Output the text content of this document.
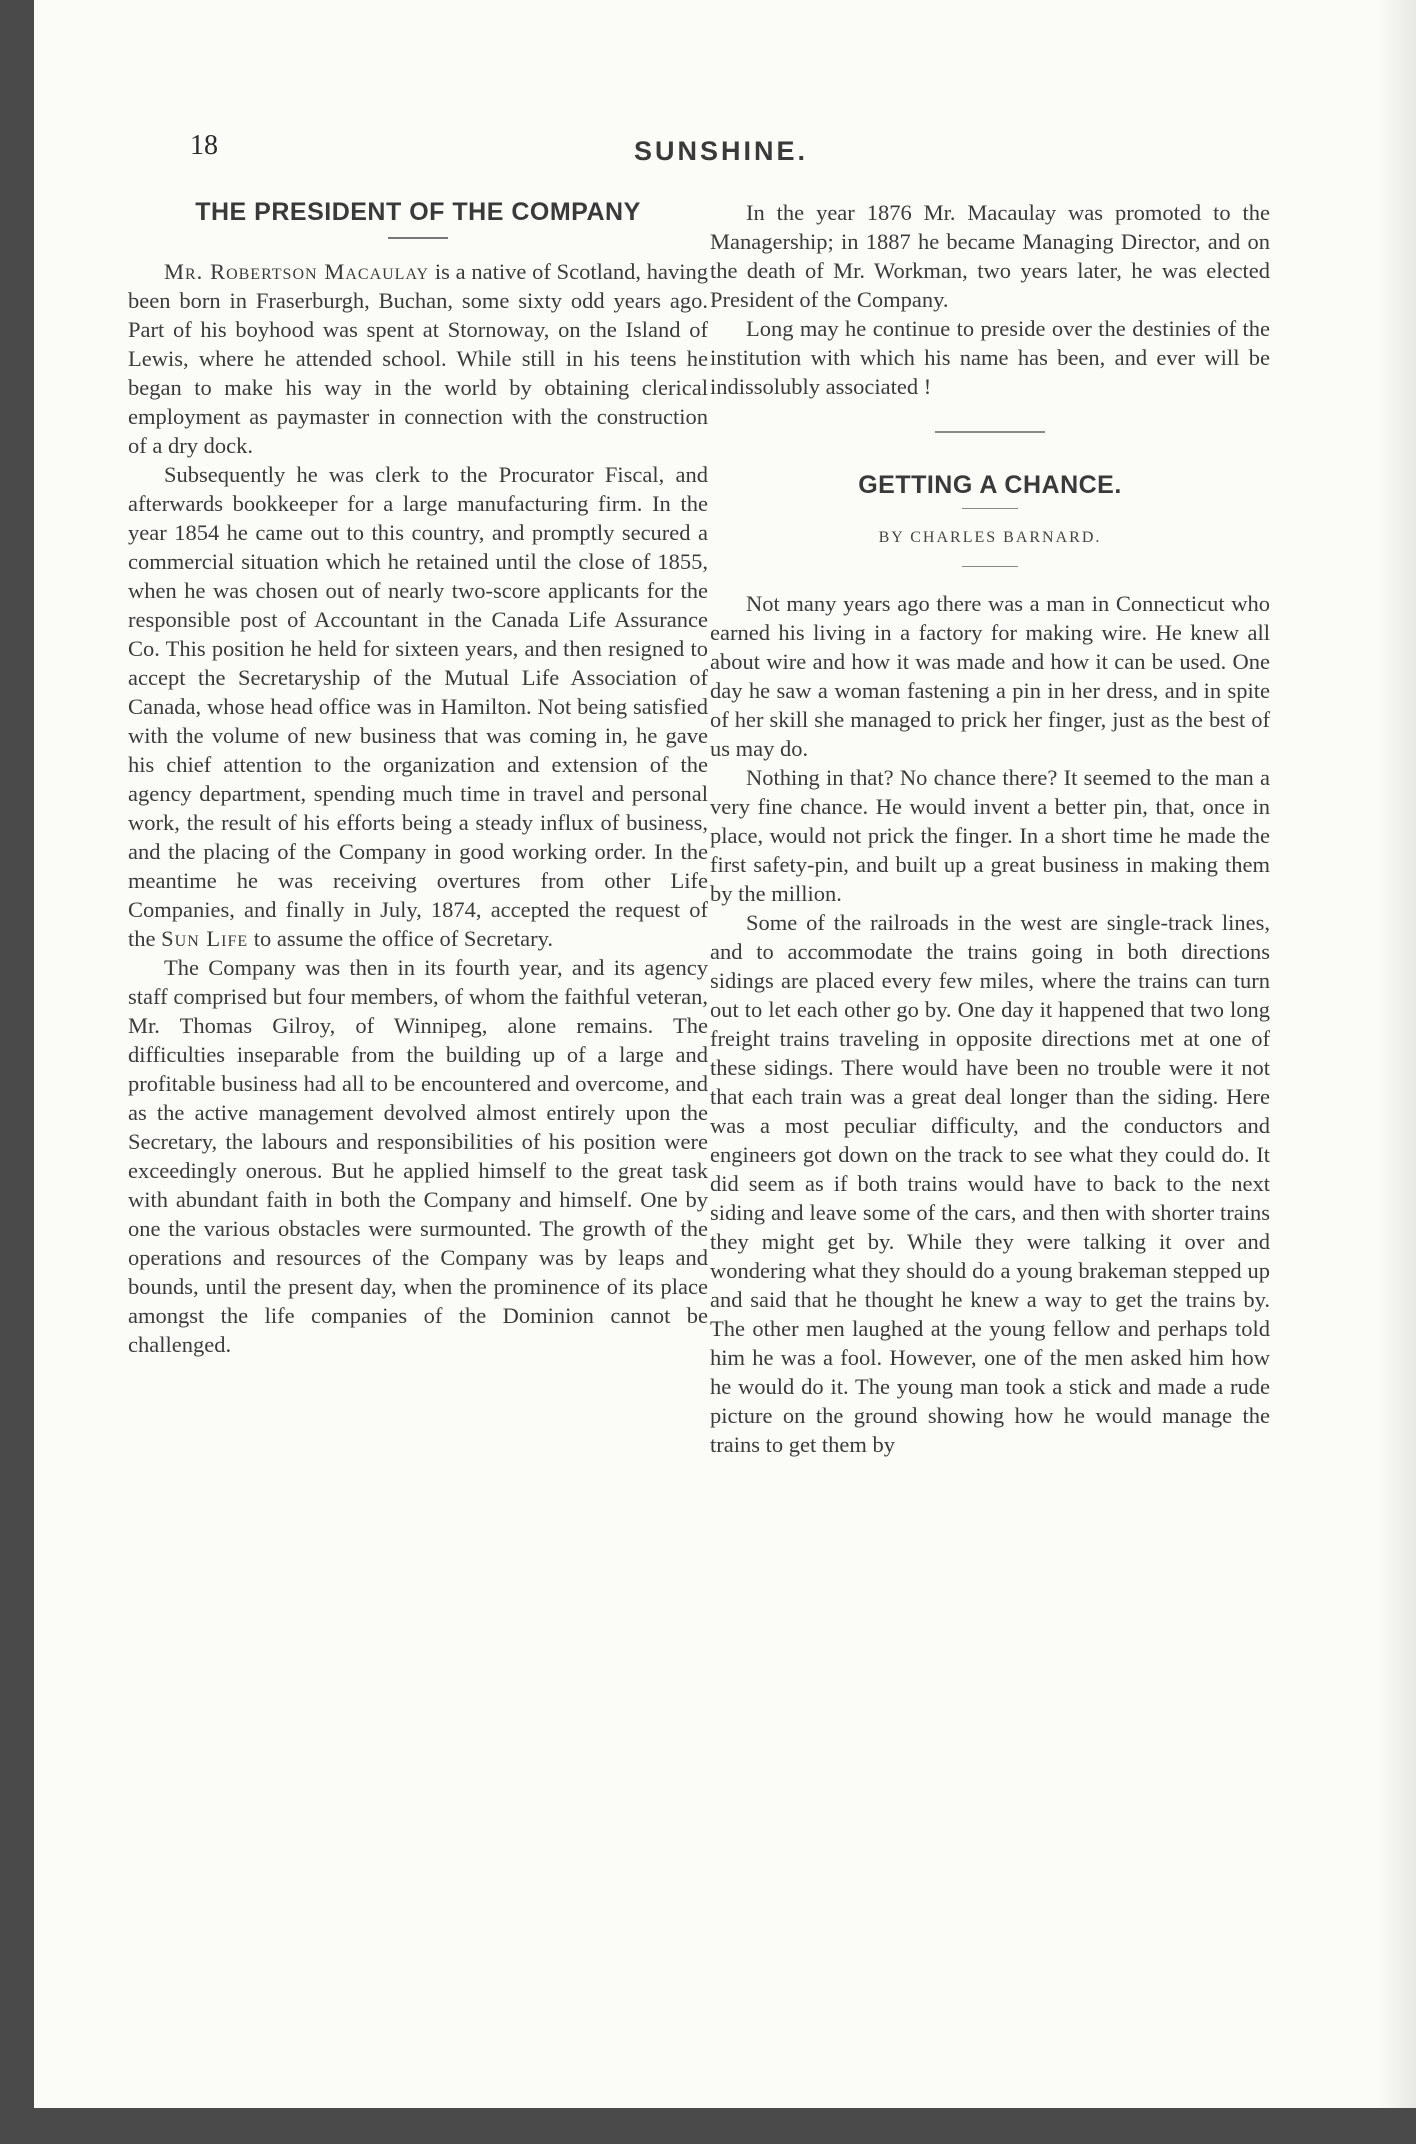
18	SUNSHINE.
THE PRESIDENT OF THE COMPANY

Mr. Robertson Macaulay is a native of Scotland, having been born in Fraserburgh, Buchan, some sixty odd years ago. Part of his boyhood was spent at Stornoway, on the Island of Lewis, where he attended school. While still in his teens he began to make his way in the world by obtaining clerical employment as paymaster in connection with the construction of a dry dock.

Subsequently he was clerk to the Procurator Fiscal, and afterwards bookkeeper for a large manufacturing firm. In the year 1854 he came out to this country, and promptly secured a commercial situation which he retained until the close of 1855, when he was chosen out of nearly two-score applicants for the responsible post of Accountant in the Canada Life Assurance Co. This position he held for sixteen years, and then resigned to accept the Secretaryship of the Mutual Life Association of Canada, whose head office was in Hamilton. Not being satisfied with the volume of new business that was coming in, he gave his chief attention to the organization and extension of the agency department, spending much time in travel and personal work, the result of his efforts being a steady influx of business, and the placing of the Company in good working order. In the meantime he was receiving overtures from other Life Companies, and finally in July, 1874, accepted the request of the Sun Life to assume the office of Secretary.

The Company was then in its fourth year, and its agency staff comprised but four members, of whom the faithful veteran, Mr. Thomas Gilroy, of Winnipeg, alone remains. The difficulties inseparable from the building up of a large and profitable business had all to be encountered and overcome, and as the active management devolved almost entirely upon the Secretary, the labours and responsibilities of his position were exceedingly onerous. But he applied himself to the great task with abundant faith in both the Company and himself. One by one the various obstacles were surmounted. The growth of the operations and resources of the Company was by leaps and bounds, until the present day, when the prominence of its place amongst the life companies of the Dominion cannot be challenged.

In the year 1876 Mr. Macaulay was promoted to the Managership; in 1887 he became Managing Director, and on the death of Mr. Workman, two years later, he was elected President of the Company.

Long may he continue to preside over the destinies of the institution with which his name has been, and ever will be indissolubly associated !

GETTING A CHANCE.
BY CHARLES BARNARD.

Not many years ago there was a man in Connecticut who earned his living in a factory for making wire. He knew all about wire and how it was made and how it can be used. One day he saw a woman fastening a pin in her dress, and in spite of her skill she managed to prick her finger, just as the best of us may do.

Nothing in that? No chance there? It seemed to the man a very fine chance. He would invent a better pin, that, once in place, would not prick the finger. In a short time he made the first safety-pin, and built up a great business in making them by the million.

Some of the railroads in the west are single-track lines, and to accommodate the trains going in both directions sidings are placed every few miles, where the trains can turn out to let each other go by. One day it happened that two long freight trains traveling in opposite directions met at one of these sidings. There would have been no trouble were it not that each train was a great deal longer than the siding. Here was a most peculiar difficulty, and the conductors and engineers got down on the track to see what they could do. It did seem as if both trains would have to back to the next siding and leave some of the cars, and then with shorter trains they might get by. While they were talking it over and wondering what they should do a young brakeman stepped up and said that he thought he knew a way to get the trains by. The other men laughed at the young fellow and perhaps told him he was a fool. However, one of the men asked him how he would do it. The young man took a stick and made a rude picture on the ground showing how he would manage the trains to get them by
